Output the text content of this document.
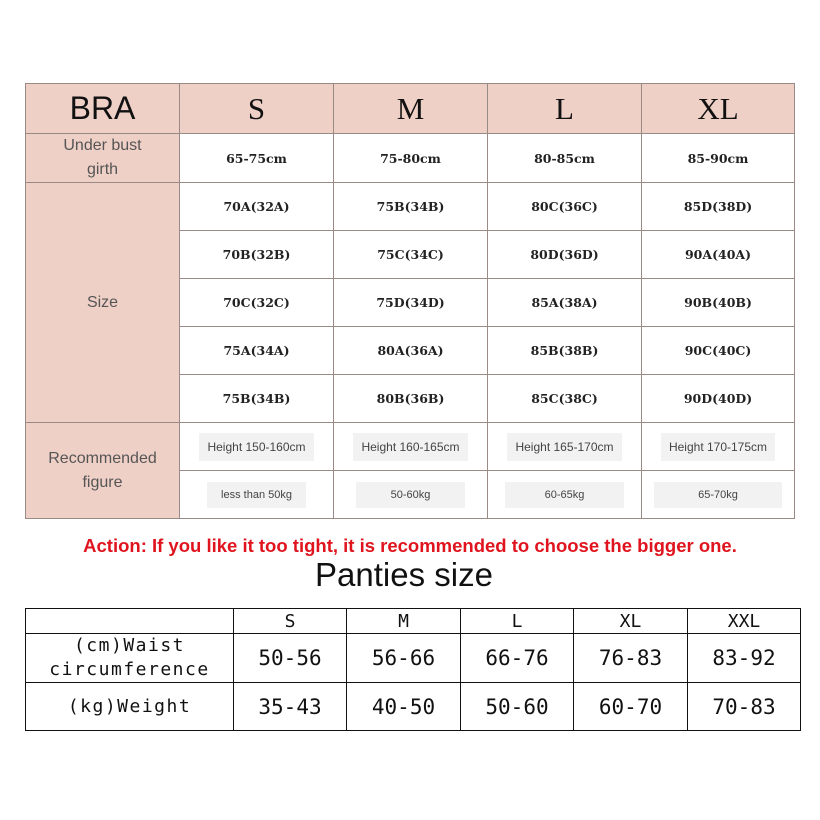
BRA	S	M	L	XL

Under bust
girth	65-75cm	75-80cm	80-85cm	85-90cm
Size	70A(32A)	75B(34B)	80C(36C)	85D(38D)
	70B(32B)	75C(34C)	80D(36D)	90A(40A)
	70C(32C)	75D(34D)	85A(38A)	90B(40B)
	75A(34A)	80A(36A)	85B(38B)	90C(40C)
	75B(34B)	80B(36B)	85C(38C)	90D(40D)

Recommended
figure	Height 150-160cm	Height 160-165cm	Height 165-170cm	Height 170-175cm
	less than 50kg	50-60kg	60-65kg	65-70kg
Action: If you like it too tight, it is recommended to choose the bigger one.
Panties size
	S	M	L	XL	XXL

(cm)Waist
circumference	50-56	56-66	66-76	76-83	83-92
(kg)Weight	35-43	40-50	50-60	60-70	70-83
